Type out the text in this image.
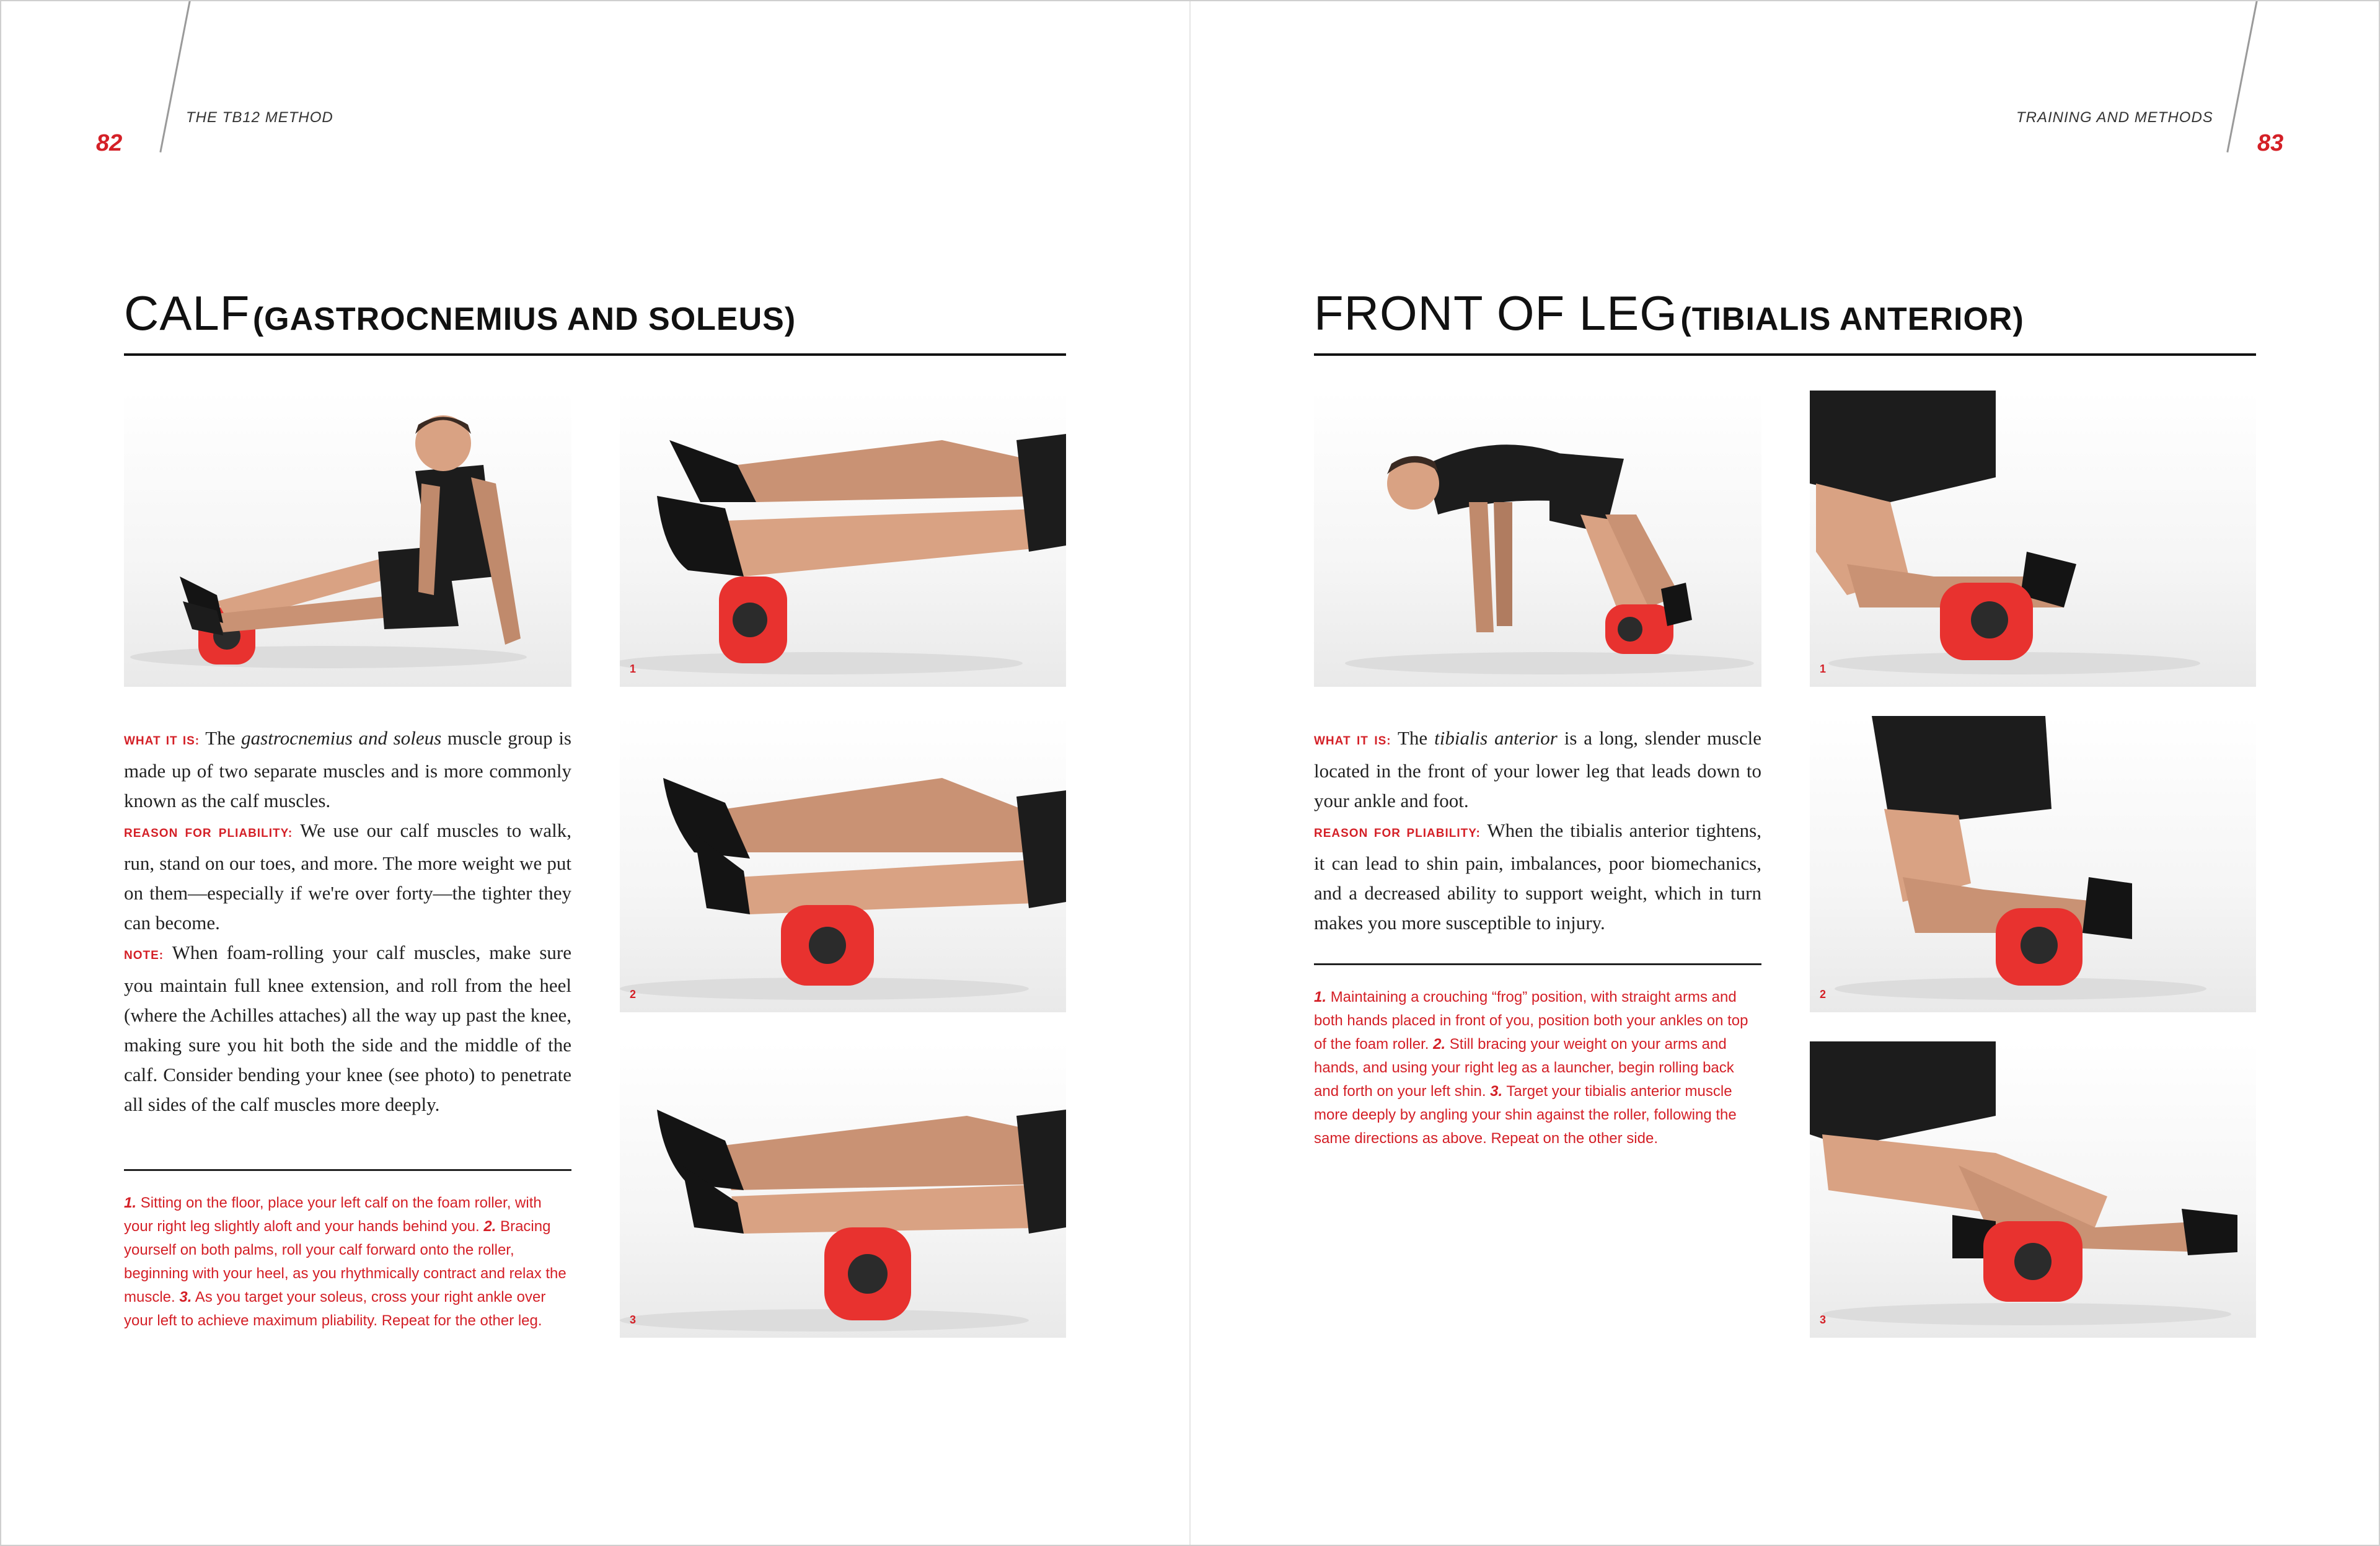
82
THE TB12 METHOD
CALF (GASTROCNEMIUS AND SOLEUS)
1
2
3

WHAT IT IS: The gastrocnemius and soleus muscle group is made up of two separate muscles and is more commonly known as the calf muscles.

REASON FOR PLIABILITY: We use our calf muscles to walk, run, stand on our toes, and more. The more weight we put on them—especially if we're over forty—the tighter they can become.

NOTE: When foam-rolling your calf muscles, make sure you maintain full knee extension, and roll from the heel (where the Achilles attaches) all the way up past the knee, making sure you hit both the side and the middle of the calf. Consider bending your knee (see photo) to penetrate all sides of the calf muscles more deeply.

1. Sitting on the floor, place your left calf on the foam roller, with your right leg slightly aloft and your hands behind you. 2. Bracing yourself on both palms, roll your calf forward onto the roller, beginning with your heel, as you rhythmically contract and relax the muscle. 3. As you target your soleus, cross your right ankle over your left to achieve maximum pliability. Repeat for the other leg.
TRAINING AND METHODS
83
FRONT OF LEG (TIBIALIS ANTERIOR)
1
2
3

WHAT IT IS: The tibialis anterior is a long, slender muscle located in the front of your lower leg that leads down to your ankle and foot.

REASON FOR PLIABILITY: When the tibialis anterior tightens, it can lead to shin pain, imbalances, poor biomechanics, and a decreased ability to support weight, which in turn makes you more susceptible to injury.

1. Maintaining a crouching “frog” position, with straight arms and both hands placed in front of you, position both your ankles on top of the foam roller. 2. Still bracing your weight on your arms and hands, and using your right leg as a launcher, begin rolling back and forth on your left shin. 3. Target your tibialis anterior muscle more deeply by angling your shin against the roller, following the same directions as above. Repeat on the other side.
